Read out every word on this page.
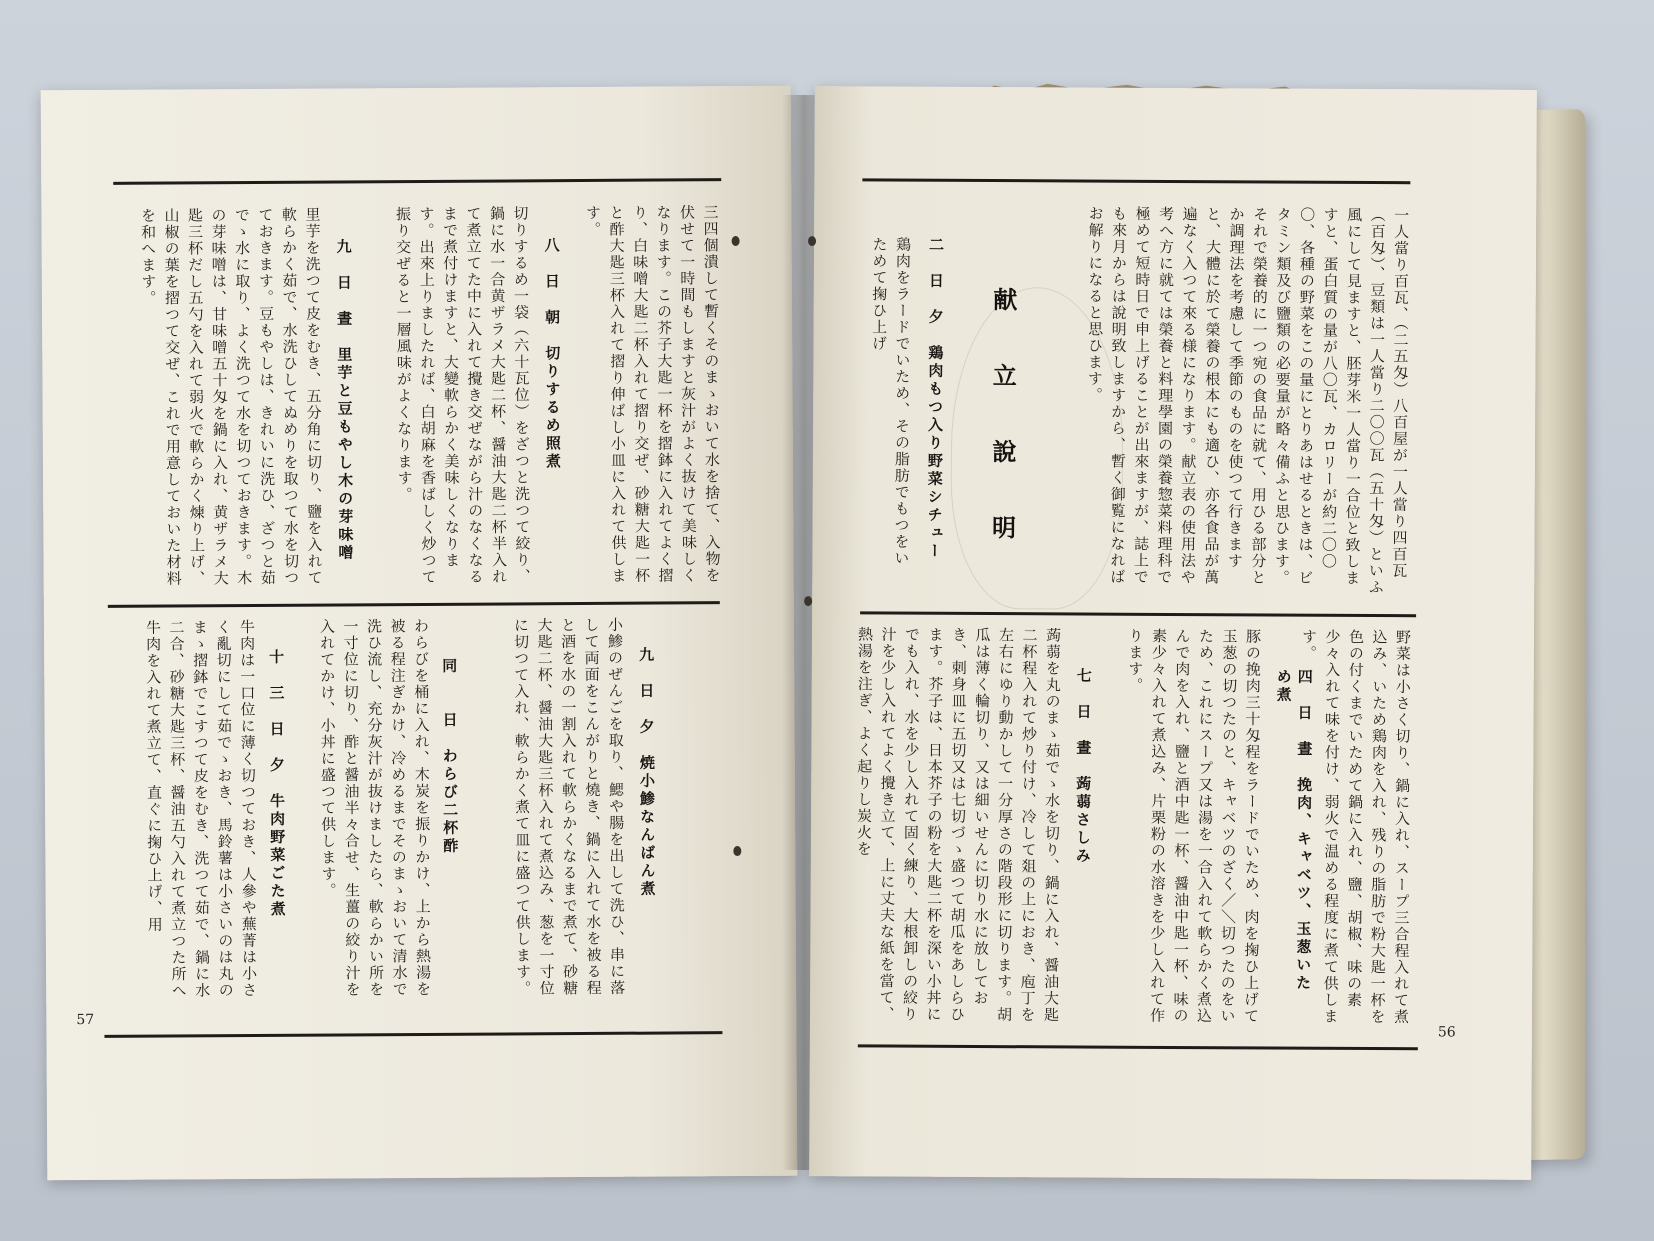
三四個潰して暫くそのまゝおいて水を捨て、入物を伏せて一時間もしますと灰汁がよく抜けて美味しくなります。この芥子大匙一杯を摺鉢に入れてよく摺り、白味噌大匙二杯入れて摺り交ぜ、砂糖大匙一杯と酢大匙三杯入れて摺り伸ばし小皿に入れて供します。
八　日　朝　切りするめ照煮
切りするめ一袋（六十瓦位）をざつと洗つて絞り、鍋に水一合黄ザラメ大匙二杯、醤油大匙二杯半入れて煮立てた中に入れて攪き交ぜながら汁のなくなるまで煮付けますと、大變軟らかく美味しくなります。出來上りましたれば、白胡麻を香ばしく炒つて振り交ぜると一層風味がよくなります。
九　日　晝　里芋と豆もやし木の芽味噌
里芋を洗つて皮をむき、五分角に切り、鹽を入れて軟らかく茹で、水洗ひしてぬめりを取つて水を切つておきます。豆もやしは、きれいに洗ひ、ざつと茹でゝ水に取り、よく洗つて水を切つておきます。木の芽味噌は、甘味噌五十匁を鍋に入れ、黄ザラメ大匙三杯だし五勺を入れて弱火で軟らかく煉り上げ、山椒の葉を摺つて交ぜ、これで用意しておいた材料を和へます。
九　日　夕　焼小鯵なんばん煮
小鯵のぜんごを取り、鰓や腸を出して洗ひ、串に落して両面をこんがりと燒き、鍋に入れて水を被る程と酒を水の一割入れて軟らかくなるまで煮て、砂糖大匙二杯、醤油大匙三杯入れて煮込み、葱を一寸位に切つて入れ、軟らかく煮て皿に盛つて供します。
同　　日　わらび二杯酢
わらびを桶に入れ、木炭を振りかけ、上から熱湯を被る程注ぎかけ、冷めるまでそのまゝおいて清水で洗ひ流し、充分灰汁が抜けましたら、軟らかい所を一寸位に切り、酢と醤油半々合せ、生薑の絞り汁を入れてかけ、小丼に盛つて供します。
十　三　日　夕　牛肉野菜ごた煮
牛肉は一口位に薄く切つておき、人參や蕪菁は小さく亂切にして茹でゝおき、馬鈴薯は小さいのは丸のまゝ摺鉢でこすつて皮をむき、洗つて茹で、鍋に水二合、砂糖大匙三杯、醤油五勺入れて煮立つた所へ牛肉を入れて煮立て、直ぐに掬ひ上げ、用
57
一人當り百瓦、（二五匁）八百屋が一人當り四百瓦（百匁）、豆類は一人當り二〇〇瓦（五十匁）といふ風にして見ますと、胚芽米一人當り一合位と致しますと、蛋白質の量が八〇瓦、カロリーが約二〇〇〇、各種の野菜をこの量にとりあはせるときは、ビタミン類及び鹽類の必要量が略々備ふと思ひます。それで榮養的に一つ宛の食品に就て、用ひる部分とか調理法を考慮して季節のものを使つて行きますと、大體に於て榮養の根本にも適ひ、亦各食品が萬遍なく入つて來る様になります。献立表の使用法や考へ方に就ては榮養と料理學園の榮養惣菜料理科で極めて短時日で申上げることが出來ますが、誌上でも來月からは說明致しますから、暫く御覧になればお解りになると思ひます。
献　立　說　明
二　日　夕　鶏肉もつ入り野菜シチュー
鶏肉をラードでいため、その脂肪でもつをいためて掬ひ上げ
野菜は小さく切り、鍋に入れ、スープ三合程入れて煮込み、いため鶏肉を入れ、残りの脂肪で粉大匙一杯を色の付くまでいためて鍋に入れ、鹽、胡椒、味の素少々入れて味を付け、弱火で温める程度に煮て供します。
四　日　晝　挽肉、キャベツ、玉葱いため煮
豚の挽肉三十匁程をラードでいため、肉を掬ひ上げて玉葱の切つたのと、キャベツのざく／＼切つたのをいため、これにスープ又は湯を一合入れて軟らかく煮込んで肉を入れ、鹽と酒中匙一杯、醤油中匙一杯、味の素少々入れて煮込み、片栗粉の水溶きを少し入れて作ります。
七　日　晝　蒟蒻さしみ
蒟蒻を丸のまゝ茹でゝ水を切り、鍋に入れ、醤油大匙二杯程入れて炒り付け、冷して爼の上におき、庖丁を左右にゆり動かして一分厚さの階段形に切ります。胡瓜は薄く輪切り、又は細いせんに切り水に放しておき、刺身皿に五切又は七切づゝ盛つて胡瓜をあしらひます。芥子は、日本芥子の粉を大匙二杯を深い小丼にでも入れ、水を少し入れて固く練り、大根卸しの絞り汁を少し入れてよく攪き立て、上に丈夫な紙を當て、熱湯を注ぎ、よく起りし炭火を
56
